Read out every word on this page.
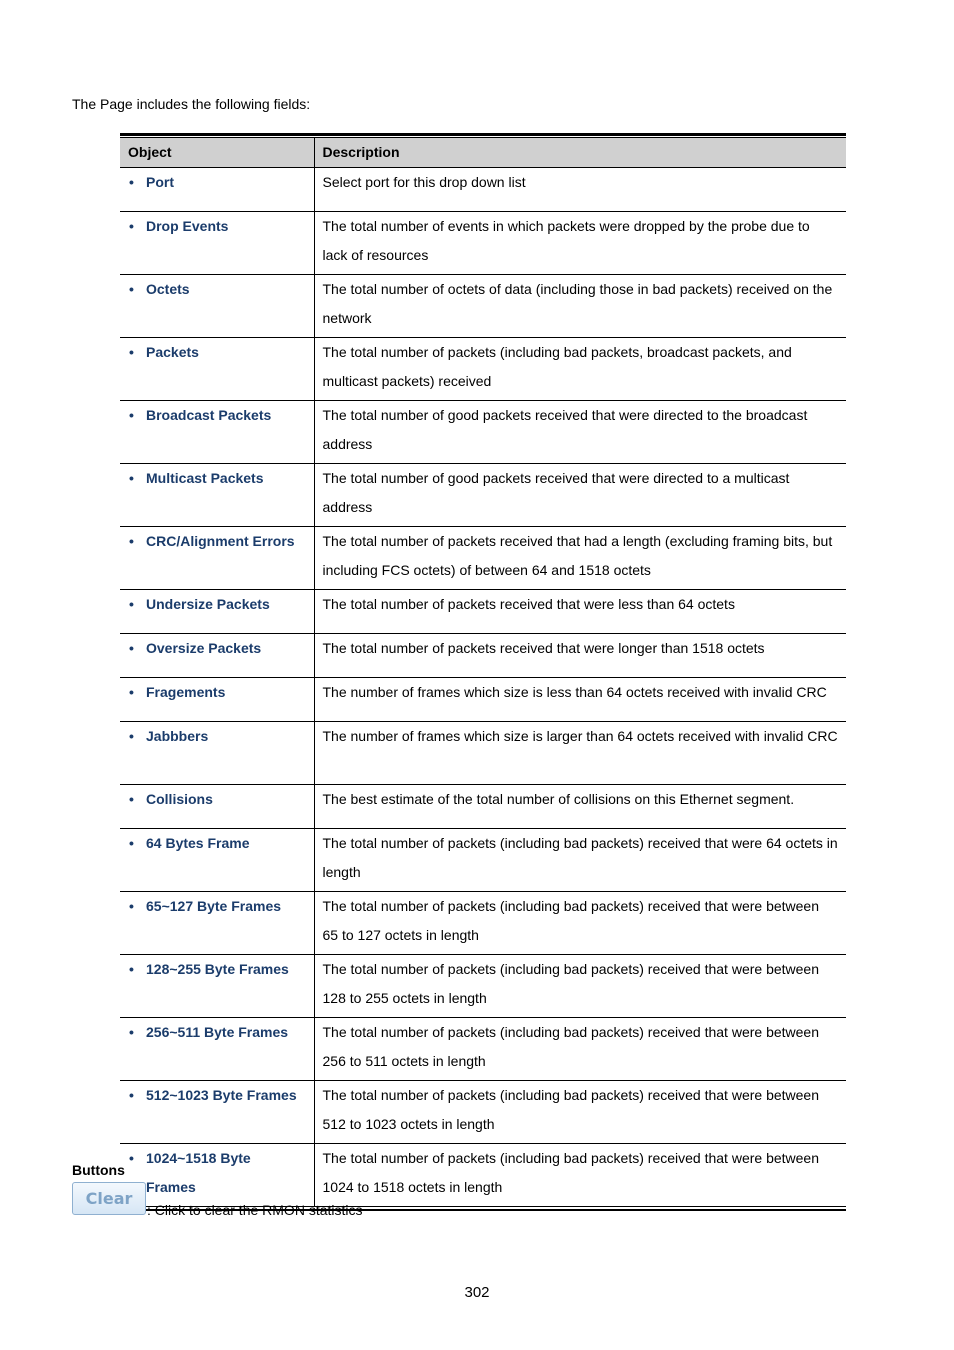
The Page includes the following fields:
Object	Description

•
Port	Select port for this drop down list

•
Drop Events	The total number of events in which packets were dropped by the probe due to lack of resources

•
Octets	The total number of octets of data (including those in bad packets) received on the network

•
Packets	The total number of packets (including bad packets, broadcast packets, and multicast packets) received

•
Broadcast Packets	The total number of good packets received that were directed to the broadcast address

•
Multicast Packets	The total number of good packets received that were directed to a multicast address

•
CRC/Alignment Errors	The total number of packets received that had a length (excluding framing bits, but including FCS octets) of between 64 and 1518 octets

•
Undersize Packets	The total number of packets received that were less than 64 octets

•
Oversize Packets	The total number of packets received that were longer than 1518 octets

•
Fragements	The number of frames which size is less than 64 octets received with invalid CRC

•
Jabbbers	The number of frames which size is larger than 64 octets received with invalid CRC

•
Collisions	The best estimate of the total number of collisions on this Ethernet segment.

•
64 Bytes Frame	The total number of packets (including bad packets) received that were 64 octets in length

•
65~127 Byte Frames	The total number of packets (including bad packets) received that were between 65 to 127 octets in length

•
128~255 Byte Frames	The total number of packets (including bad packets) received that were between 128 to 255 octets in length

•
256~511 Byte Frames	The total number of packets (including bad packets) received that were between 256 to 511 octets in length

•
512~1023 Byte Frames	The total number of packets (including bad packets) received that were between 512 to 1023 octets in length

•
1024~1518 Byte Frames	The total number of packets (including bad packets) received that were between 1024 to 1518 octets in length
Buttons
Clear
: Click to clear the RMON statistics
302
